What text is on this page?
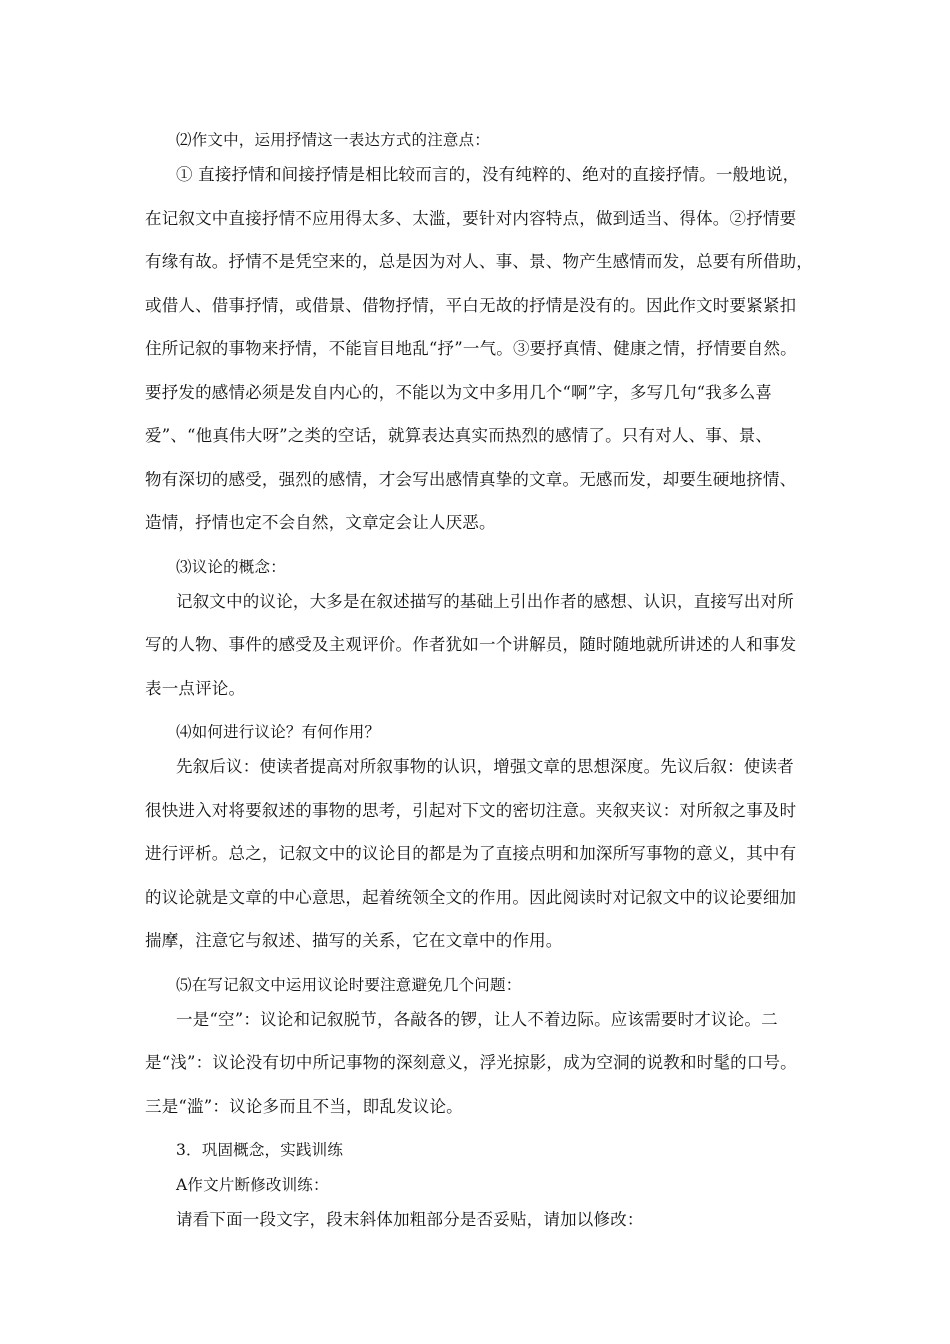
⑵作文中，运用抒情这一表达方式的注意点：
① 直接抒情和间接抒情是相比较而言的，没有纯粹的、绝对的直接抒情。一般地说，
在记叙文中直接抒情不应用得太多、太滥，要针对内容特点，做到适当、得体。②抒情要
有缘有故。抒情不是凭空来的，总是因为对人、事、景、物产生感情而发，总要有所借助，
或借人、借事抒情，或借景、借物抒情，平白无故的抒情是没有的。因此作文时要紧紧扣
住所记叙的事物来抒情，不能盲目地乱“抒”一气。③要抒真情、健康之情，抒情要自然。
要抒发的感情必须是发自内心的，不能以为文中多用几个“啊”字，多写几句“我多么喜
爱”、“他真伟大呀”之类的空话，就算表达真实而热烈的感情了。只有对人、事、景、
物有深切的感受，强烈的感情，才会写出感情真挚的文章。无感而发，却要生硬地挤情、
造情，抒情也定不会自然，文章定会让人厌恶。
⑶议论的概念：
记叙文中的议论，大多是在叙述描写的基础上引出作者的感想、认识，直接写出对所
写的人物、事件的感受及主观评价。作者犹如一个讲解员，随时随地就所讲述的人和事发
表一点评论。
⑷如何进行议论？有何作用？
先叙后议：使读者提高对所叙事物的认识，增强文章的思想深度。先议后叙：使读者
很快进入对将要叙述的事物的思考，引起对下文的密切注意。夹叙夹议：对所叙之事及时
进行评析。总之，记叙文中的议论目的都是为了直接点明和加深所写事物的意义，其中有
的议论就是文章的中心意思，起着统领全文的作用。因此阅读时对记叙文中的议论要细加
揣摩，注意它与叙述、描写的关系，它在文章中的作用。
⑸在写记叙文中运用议论时要注意避免几个问题：
一是“空”：议论和记叙脱节，各敲各的锣，让人不着边际。应该需要时才议论。二
是“浅”：议论没有切中所记事物的深刻意义，浮光掠影，成为空洞的说教和时髦的口号。
三是“滥”：议论多而且不当，即乱发议论。
3．巩固概念，实践训练
A作文片断修改训练：
请看下面一段文字，段末斜体加粗部分是否妥贴，请加以修改：
